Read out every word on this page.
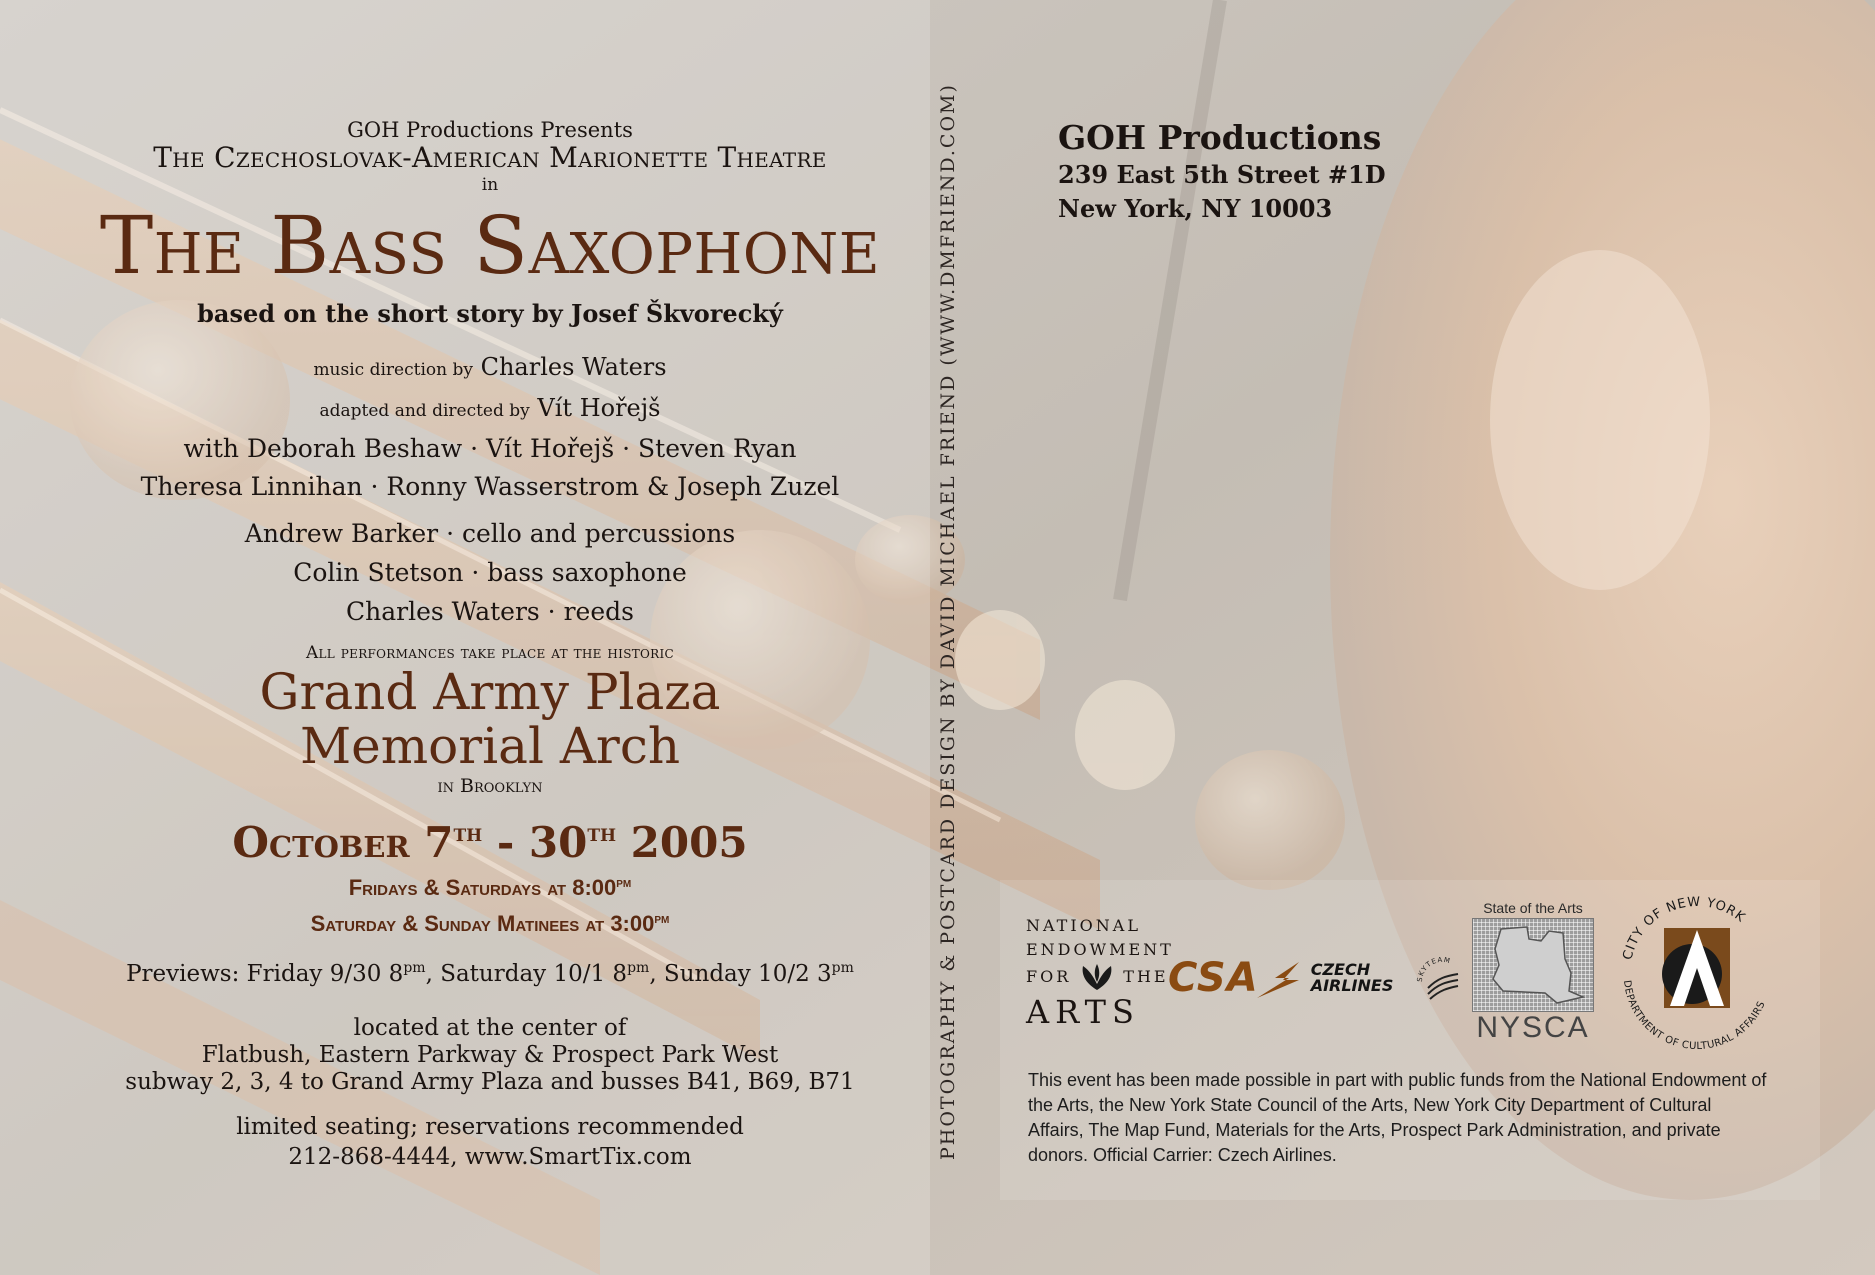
GOH Productions Presents
The Czechoslovak-American Marionette Theatre
in
The Bass Saxophone
based on the short story by Josef Škvorecký
music direction by Charles Waters
adapted and directed by Vít Hořejš
with Deborah Beshaw · Vít Hořejš · Steven Ryan
Theresa Linnihan · Ronny Wasserstrom & Joseph Zuzel
Andrew Barker · cello and percussions
Colin Stetson · bass saxophone
Charles Waters · reeds
All performances take place at the historic
Grand Army Plaza
Memorial Arch
in Brooklyn
October 7th - 30th 2005
Fridays & Saturdays at $8:00^{pm}$
Saturday & Sunday Matinees at $3:00^{pm}$
Previews: Friday 9/30 $8^{pm}$, Saturday 10/1 $8^{pm}$, Sunday 10/2 $3^{pm}$
located at the center of
Flatbush, Eastern Parkway & Prospect Park West
subway 2, 3, 4 to Grand Army Plaza and busses B41, B69, B71
limited seating; reservations recommended
212-868-4444, www.SmartTix.com	PHOTOGRAPHY & POSTCARD DESIGN BY DAVID MICHAEL FRIEND (WWW.DMFRIEND.COM)	GOH Productions
239 East 5th Street #1D
New York, NY 10003
NATIONAL
ENDOWMENT
FOR	THE
ARTS
CSA	CZECH
AIRLINES	SKYTEAM
State of the Arts
NYSCA
CITY OF NEW YORK
DEPARTMENT OF CULTURAL AFFAIRS
A
This event has been made possible in part with public funds from the National Endowment of the Arts, the New York State Council of the Arts, New York City Department of Cultural Affairs, The Map Fund, Materials for the Arts, Prospect Park Administration, and private donors. Official Carrier: Czech Airlines.
